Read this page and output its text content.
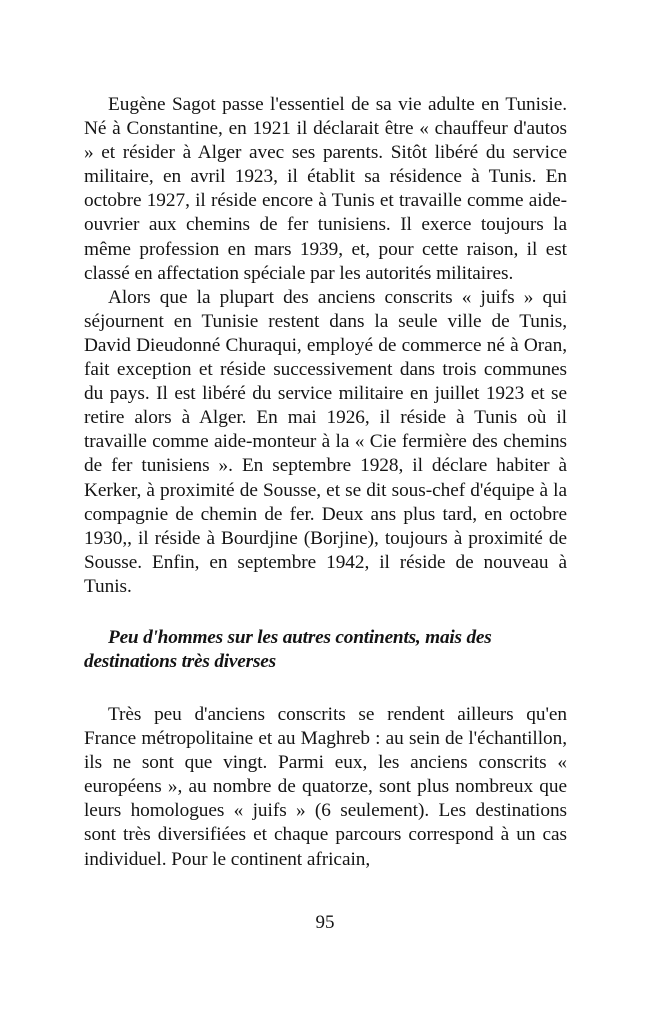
Eugène Sagot passe l'essentiel de sa vie adulte en Tunisie. Né à Constantine, en 1921 il déclarait être « chauffeur d'autos » et résider à Alger avec ses parents. Sitôt libéré du service militaire, en avril 1923, il établit sa résidence à Tunis. En octobre 1927, il réside encore à Tunis et travaille comme aide-ouvrier aux chemins de fer tunisiens. Il exerce toujours la même profession en mars 1939, et, pour cette raison, il est classé en affectation spéciale par les autorités militaires.

Alors que la plupart des anciens conscrits « juifs » qui séjournent en Tunisie restent dans la seule ville de Tunis, David Dieudonné Churaqui, employé de commerce né à Oran, fait exception et réside successivement dans trois communes du pays. Il est libéré du service militaire en juillet 1923 et se retire alors à Alger. En mai 1926, il réside à Tunis où il travaille comme aide-monteur à la « Cie fermière des chemins de fer tunisiens ». En septembre 1928, il déclare habiter à Kerker, à proximité de Sousse, et se dit sous-chef d'équipe à la compagnie de chemin de fer. Deux ans plus tard, en octobre 1930,, il réside à Bourdjine (Borjine), toujours à proximité de Sousse. Enfin, en septembre 1942, il réside de nouveau à Tunis.

Peu d'hommes sur les autres continents, mais des destinations très diverses

Très peu d'anciens conscrits se rendent ailleurs qu'en France métropolitaine et au Maghreb : au sein de l'échantillon, ils ne sont que vingt. Parmi eux, les anciens conscrits « européens », au nombre de quatorze, sont plus nombreux que leurs homologues « juifs » (6 seulement). Les destinations sont très diversifiées et chaque parcours correspond à un cas individuel. Pour le continent africain,

95
